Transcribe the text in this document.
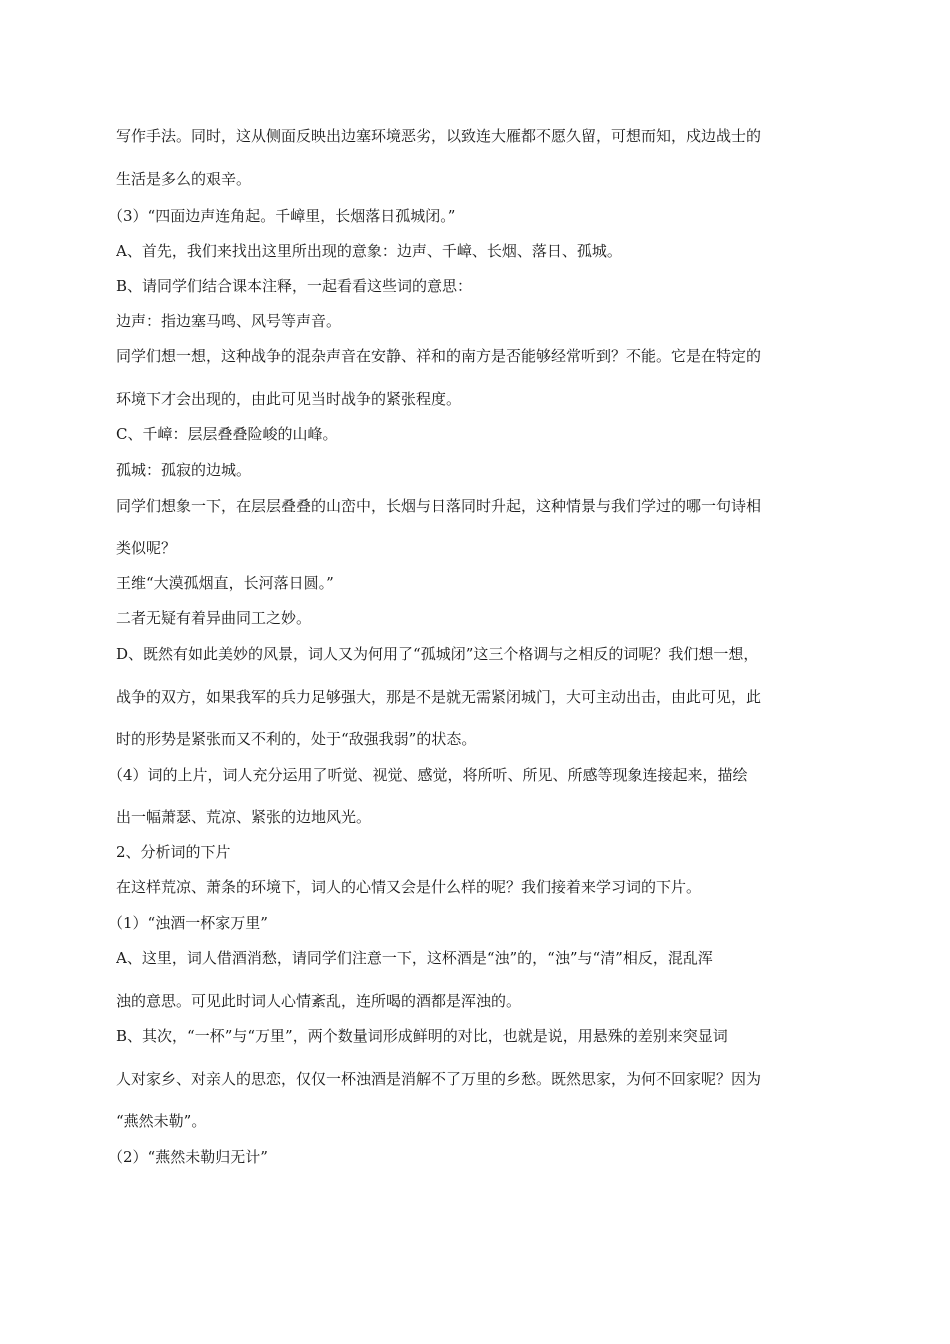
写作手法。同时，这从侧面反映出边塞环境恶劣，以致连大雁都不愿久留，可想而知，戍边战士的
生活是多么的艰辛。
（3）“四面边声连角起。千嶂里，长烟落日孤城闭。”
A、首先，我们来找出这里所出现的意象：边声、千嶂、长烟、落日、孤城。
B、请同学们结合课本注释，一起看看这些词的意思：
边声：指边塞马鸣、风号等声音。
同学们想一想，这种战争的混杂声音在安静、祥和的南方是否能够经常听到？不能。它是在特定的
环境下才会出现的，由此可见当时战争的紧张程度。
C、千嶂：层层叠叠险峻的山峰。
孤城：孤寂的边城。
同学们想象一下，在层层叠叠的山峦中，长烟与日落同时升起，这种情景与我们学过的哪一句诗相
类似呢？
王维“大漠孤烟直，长河落日圆。”
二者无疑有着异曲同工之妙。
D、既然有如此美妙的风景，词人又为何用了“孤城闭”这三个格调与之相反的词呢？我们想一想，
战争的双方，如果我军的兵力足够强大，那是不是就无需紧闭城门，大可主动出击，由此可见，此
时的形势是紧张而又不利的，处于“敌强我弱”的状态。
（4）词的上片，词人充分运用了听觉、视觉、感觉，将所听、所见、所感等现象连接起来，描绘
出一幅萧瑟、荒凉、紧张的边地风光。
2、分析词的下片
在这样荒凉、萧条的环境下，词人的心情又会是什么样的呢？我们接着来学习词的下片。
（1）“浊酒一杯家万里”
A、这里，词人借酒消愁，请同学们注意一下，这杯酒是“浊”的，“浊”与“清”相反，混乱浑
浊的意思。可见此时词人心情紊乱，连所喝的酒都是浑浊的。
B、其次，“一杯”与“万里”，两个数量词形成鲜明的对比，也就是说，用悬殊的差别来突显词
人对家乡、对亲人的思恋，仅仅一杯浊酒是消解不了万里的乡愁。既然思家，为何不回家呢？因为
“燕然未勒”。
（2）“燕然未勒归无计”
